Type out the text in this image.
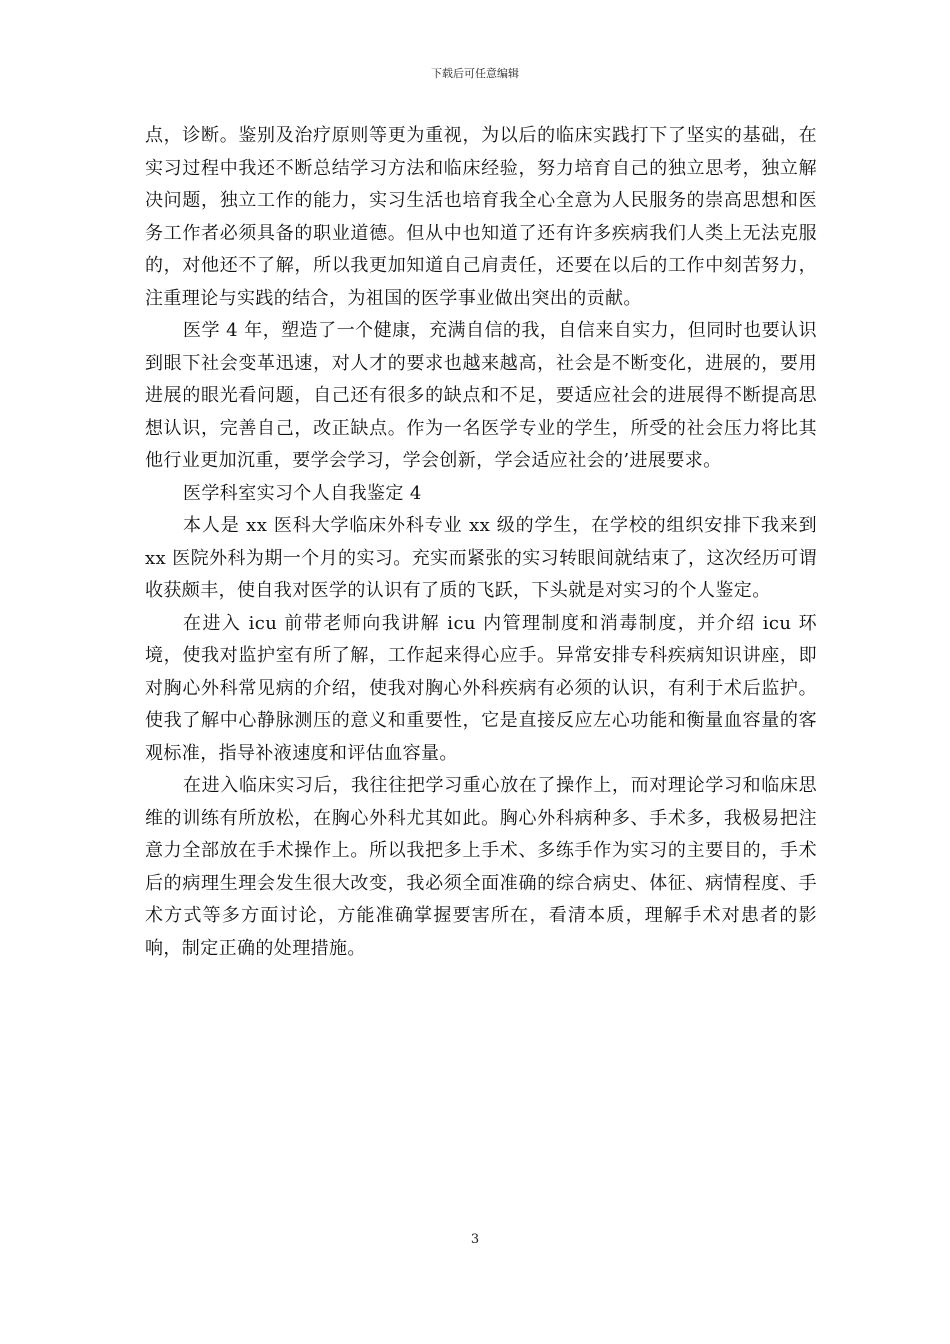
下载后可任意编辑

点，诊断。鉴别及治疗原则等更为重视，为以后的临床实践打下了坚实的基础，在实习过程中我还不断总结学习方法和临床经验，努力培育自己的独立思考，独立解决问题，独立工作的能力，实习生活也培育我全心全意为人民服务的崇高思想和医务工作者必须具备的职业道德。但从中也知道了还有许多疾病我们人类上无法克服的，对他还不了解，所以我更加知道自己肩责任，还要在以后的工作中刻苦努力，注重理论与实践的结合，为祖国的医学事业做出突出的贡献。

医学 4 年，塑造了一个健康，充满自信的我，自信来自实力，但同时也要认识到眼下社会变革迅速，对人才的要求也越来越高，社会是不断变化，进展的，要用进展的眼光看问题，自己还有很多的缺点和不足，要适应社会的进展得不断提高思想认识，完善自己，改正缺点。作为一名医学专业的学生，所受的社会压力将比其他行业更加沉重，要学会学习，学会创新，学会适应社会的’进展要求。

医学科室实习个人自我鉴定 4

本人是 xx 医科大学临床外科专业 xx 级的学生，在学校的组织安排下我来到 xx 医院外科为期一个月的实习。充实而紧张的实习转眼间就结束了，这次经历可谓收获颇丰，使自我对医学的认识有了质的飞跃，下头就是对实习的个人鉴定。

在进入 icu 前带老师向我讲解 icu 内管理制度和消毒制度，并介绍 icu 环境，使我对监护室有所了解，工作起来得心应手。异常安排专科疾病知识讲座，即对胸心外科常见病的介绍，使我对胸心外科疾病有必须的认识，有利于术后监护。使我了解中心静脉测压的意义和重要性，它是直接反应左心功能和衡量血容量的客观标准，指导补液速度和评估血容量。

在进入临床实习后，我往往把学习重心放在了操作上，而对理论学习和临床思维的训练有所放松，在胸心外科尤其如此。胸心外科病种多、手术多，我极易把注意力全部放在手术操作上。所以我把多上手术、多练手作为实习的主要目的，手术后的病理生理会发生很大改变，我必须全面准确的综合病史、体征、病情程度、手术方式等多方面讨论，方能准确掌握要害所在，看清本质，理解手术对患者的影响，制定正确的处理措施。

3
